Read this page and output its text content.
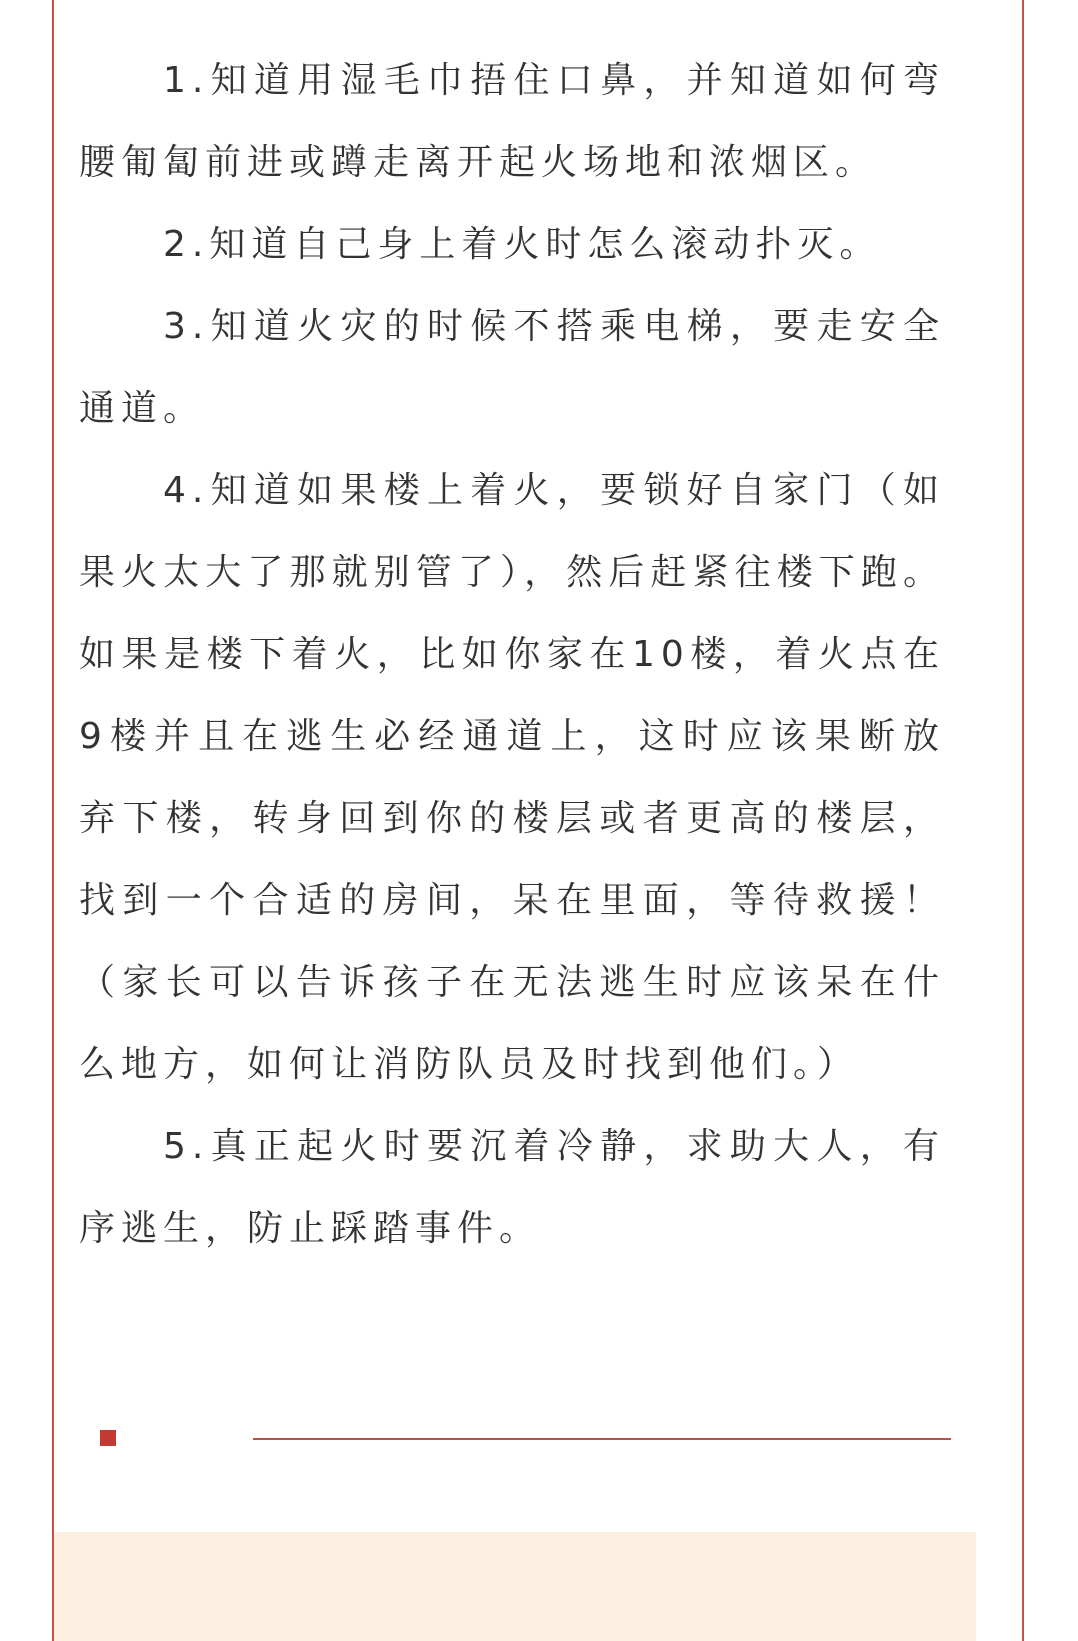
1.知道用湿毛巾捂住口鼻，并知道如何弯腰匍匐前进或蹲走离开起火场地和浓烟区。

2.知道自己身上着火时怎么滚动扑灭。

3.知道火灾的时候不搭乘电梯，要走安全通道。

4.知道如果楼上着火，要锁好自家门（如果火太大了那就别管了），然后赶紧往楼下跑。如果是楼下着火，比如你家在10楼，着火点在9楼并且在逃生必经通道上，这时应该果断放弃下楼，转身回到你的楼层或者更高的楼层，找到一个合适的房间，呆在里面，等待救援！（家长可以告诉孩子在无法逃生时应该呆在什么地方，如何让消防队员及时找到他们。）

5.真正起火时要沉着冷静，求助大人，有序逃生，防止踩踏事件。
